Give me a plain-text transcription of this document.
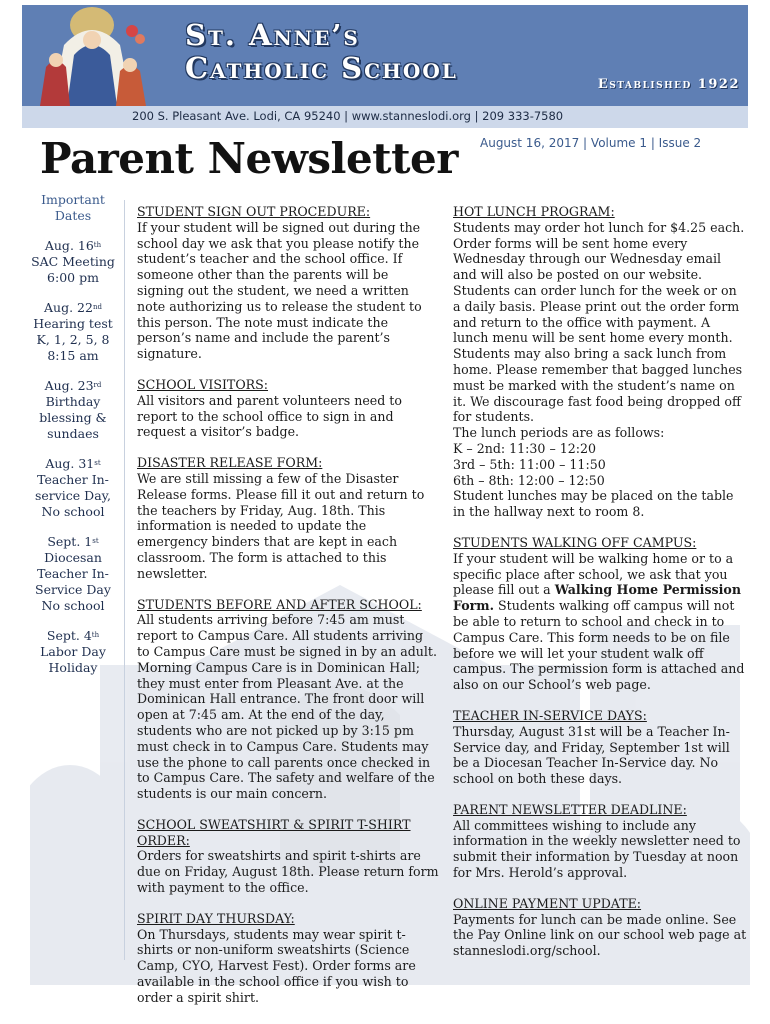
St. Anne’s
Catholic School	Established 1922
200 S. Pleasant Ave. Lodi, CA 95240 | www.stanneslodi.org | 209 333-7580
Parent Newsletter August 16, 2017 | Volume 1 | Issue 2
Important Dates
Aug. 16th
SAC Meeting 6:00 pm
Aug. 22nd
Hearing test K, 1, 2, 5, 8 8:15 am
Aug. 23rd
Birthday blessing & sundaes
Aug. 31st
Teacher In-service Day, No school
Sept. 1st
Diocesan Teacher In-Service Day No school
Sept. 4th
Labor Day Holiday
STUDENT SIGN OUT PROCEDURE:

If your student will be signed out during the school day we ask that you please notify the student’s teacher and the school office. If someone other than the parents will be signing out the student, we need a written note authorizing us to release the student to this person. The note must indicate the person’s name and include the parent’s signature.

SCHOOL VISITORS:

All visitors and parent volunteers need to report to the school office to sign in and request a visitor’s badge.

DISASTER RELEASE FORM:

We are still missing a few of the Disaster Release forms. Please fill it out and return to the teachers by Friday, Aug. 18th. This information is needed to update the emergency binders that are kept in each classroom. The form is attached to this newsletter.

STUDENTS BEFORE AND AFTER SCHOOL:

All students arriving before 7:45 am must report to Campus Care. All students arriving to Campus Care must be signed in by an adult. Morning Campus Care is in Dominican Hall; they must enter from Pleasant Ave. at the Dominican Hall entrance. The front door will open at 7:45 am. At the end of the day, students who are not picked up by 3:15 pm must check in to Campus Care. Students may use the phone to call parents once checked in to Campus Care. The safety and welfare of the students is our main concern.

SCHOOL SWEATSHIRT & SPIRIT T-SHIRT ORDER:

Orders for sweatshirts and spirit t-shirts are due on Friday, August 18th. Please return form with payment to the office.

SPIRIT DAY THURSDAY:

On Thursdays, students may wear spirit t-shirts or non-uniform sweatshirts (Science Camp, CYO, Harvest Fest). Order forms are available in the school office if you wish to order a spirit shirt.

HOT LUNCH PROGRAM:

Students may order hot lunch for $4.25 each. Order forms will be sent home every Wednesday through our Wednesday email and will also be posted on our website. Students can order lunch for the week or on a daily basis. Please print out the order form and return to the office with payment. A lunch menu will be sent home every month. Students may also bring a sack lunch from home. Please remember that bagged lunches must be marked with the student’s name on it. We discourage fast food being dropped off for students.

The lunch periods are as follows:

K – 2nd: 11:30 – 12:20

3rd – 5th: 11:00 – 11:50

6th – 8th: 12:00 – 12:50

Student lunches may be placed on the table in the hallway next to room 8.

STUDENTS WALKING OFF CAMPUS:

If your student will be walking home or to a specific place after school, we ask that you please fill out a Walking Home Permission Form. Students walking off campus will not be able to return to school and check in to Campus Care. This form needs to be on file before we will let your student walk off campus. The permission form is attached and also on our School’s web page.

TEACHER IN-SERVICE DAYS:

Thursday, August 31st will be a Teacher In-Service day, and Friday, September 1st will be a Diocesan Teacher In-Service day. No school on both these days.

PARENT NEWSLETTER DEADLINE:

All committees wishing to include any information in the weekly newsletter need to submit their information by Tuesday at noon for Mrs. Herold’s approval.

ONLINE PAYMENT UPDATE:

Payments for lunch can be made online. See the Pay Online link on our school web page at stanneslodi.org/school.
